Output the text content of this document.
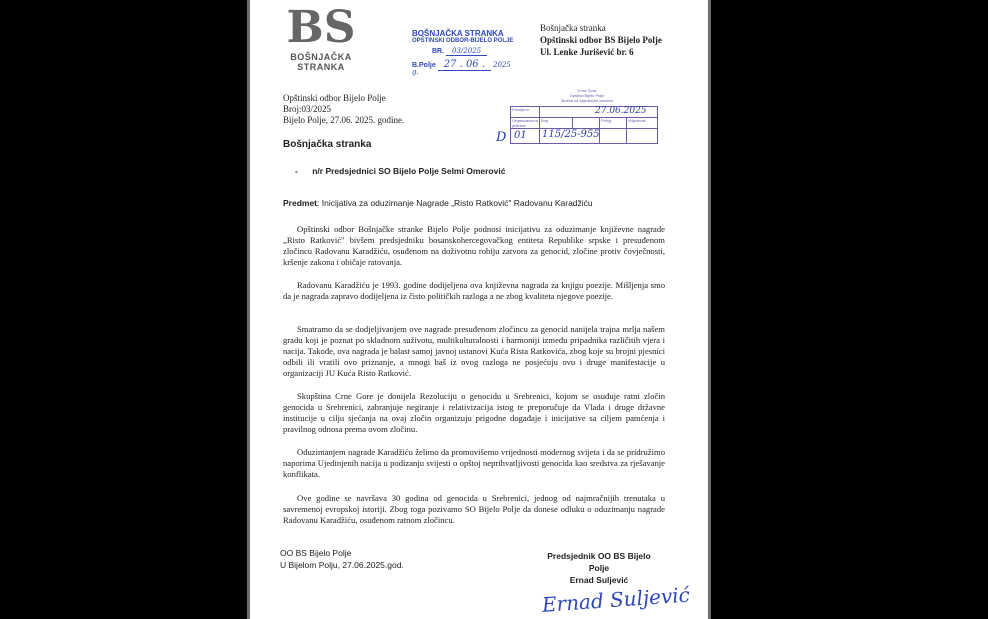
BS
BOŠNJAČKA
STRANKA
BOŠNJAČKA STRANKA
OPŠTINSKI ODBOR-BIJELO POLJE
BR. 03/2025
B.Polje 27 . 06 . 2025 g.
Bošnjačka stranka
Opštinski odbor BS Bijelo Polje
Ul. Lenke Jurišević br. 6
Crna Gora
Opština Bijelo Polje
Služba za zajedničke poslove
Primljeno:	27.06.2025			

Organizaciona jedinica	Broj		Prilog	Vrijednost

01	115/25-955			

D
Opštinski odbor Bijelo Polje
Broj:03/2025
Bijelo Polje, 27.06. 2025. godine.
Bošnjačka stranka
- n/r Predsjednici SO Bijelo Polje Selmi Omerović
Predmet: Inicijativa za oduzimanje Nagrade „Risto Ratković" Radovanu Karadžiću
Opštinski odbor Bošnjačke stranke Bijelo Polje podnosi inicijativu za oduzimanje književne nagrade „Risto Ratković" bivšem predsjedniku bosanskohercegovačkog entiteta Republike srpske i presuđenom zločincu Radovanu Karadžiću, osuđenom na doživotnu robiju zatvora za genocid, zločine protiv čovječnosti, kršenje zakona i običaje ratovanja.
Radovanu Karadžiću je 1993. godine dodijeljena ova književna nagrada za knjigu poezije. Mišljenja smo da je nagrada zapravo dodijeljena iz čisto političkih razloga a ne zbog kvaliteta njegove poezije.
Smatramo da se dodjeljivanjem ove nagrade presuđenom zločincu za genocid nanijela trajna mrlja našem gradu koji je poznat po skladnom suživotu, multikulturalnosti i harmoniji između pripadnika različitih vjera i nacija. Takođe, ova nagrada je balast samoj javnoj ustanovi Kuća Rista Ratkovića, zbog koje su brojni pjesnici odbili ili vratili ovo priznanje, a mnogi baš iz ovog razloga ne posjećuju ovu i druge manifestacije u organizaciji JU Kuća Risto Ratković.
Skupština Crne Gore je donijela Rezoluciju o genocidu u Srebrenici, kojom se osuđuje ratni zločin genocida u Srebrenici, zabranjuje negiranje i relativizacija istog te preporučuje da Vlada i druge državne institucije u cilju sjećanja na ovaj zločin organizuju prigodne događaje i inicijative sa ciljem pamćenja i pravilnog odnosa prema ovom zločinu.
Oduzimanjem nagrade Karadžiću želimo da promovišemo vrijednosti modernog svijeta i da se pridružimo naporima Ujedinjenih nacija u podizanju svijesti o opštoj neprihvatljivosti genocida kao sredstva za rješavanje konflikata.
Ove godine se navršava 30 godina od genocida u Srebrenici, jednog od najmračnijih trenutaka u savremenoj evropskoj istoriji. Zbog toga pozivamo SO Bijelo Polje da donese odluku o oduzimanju nagrade Radovanu Karadžiću, osuđenom ratnom zločincu.
OO BS Bijelo Polje
U Bijelom Polju, 27.06.2025.god.
Predsjednik OO BS Bijelo Polje
Ernad Suljević
Ernad Suljević
